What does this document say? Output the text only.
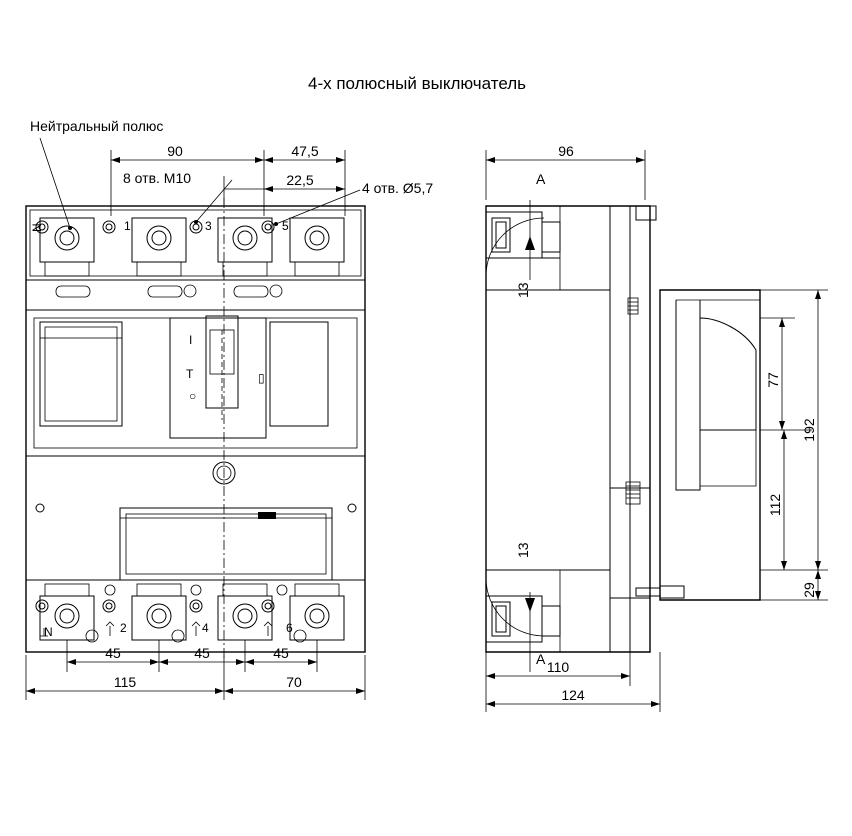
4-х полюсный выключатель
I
○
T	▯
N	1	3	5
N	2	4	6
90	47,5
22,5
45	45	45
115	70
А
А
13
13
96
110
124
77
112
192
29
Нейтральный полюс
8 отв. М10
4 отв. Ø5,7
